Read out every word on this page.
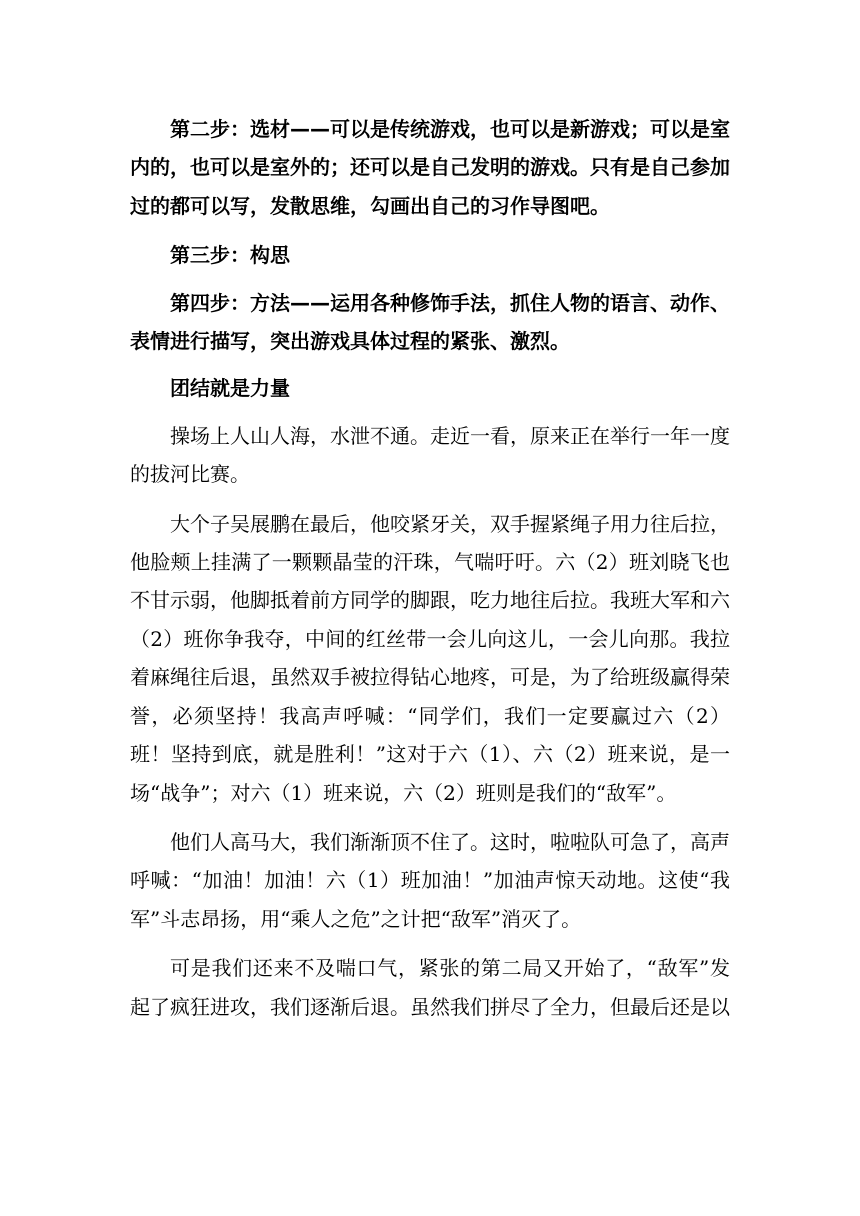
第二步：选材——可以是传统游戏，也可以是新游戏；可以是室内的，也可以是室外的；还可以是自己发明的游戏。只有是自己参加过的都可以写，发散思维，勾画出自己的习作导图吧。

第三步：构思

第四步：方法——运用各种修饰手法，抓住人物的语言、动作、表情进行描写，突出游戏具体过程的紧张、激烈。

团结就是力量

操场上人山人海，水泄不通。走近一看，原来正在举行一年一度的拔河比赛。

大个子吴展鹏在最后，他咬紧牙关，双手握紧绳子用力往后拉，他脸颊上挂满了一颗颗晶莹的汗珠，气喘吁吁。六（2）班刘晓飞也不甘示弱，他脚抵着前方同学的脚跟，吃力地往后拉。我班大军和六（2）班你争我夺，中间的红丝带一会儿向这儿，一会儿向那。我拉着麻绳往后退，虽然双手被拉得钻心地疼，可是，为了给班级赢得荣誉，必须坚持！我高声呼喊：“同学们，我们一定要赢过六（2）班！坚持到底，就是胜利！”这对于六（1）、六（2）班来说，是一场“战争”；对六（1）班来说，六（2）班则是我们的“敌军”。

他们人高马大，我们渐渐顶不住了。这时，啦啦队可急了，高声呼喊：“加油！加油！六（1）班加油！”加油声惊天动地。这使“我军”斗志昂扬，用“乘人之危”之计把“敌军”消灭了。

可是我们还来不及喘口气，紧张的第二局又开始了，“敌军”发起了疯狂进攻，我们逐渐后退。虽然我们拼尽了全力，但最后还是以
